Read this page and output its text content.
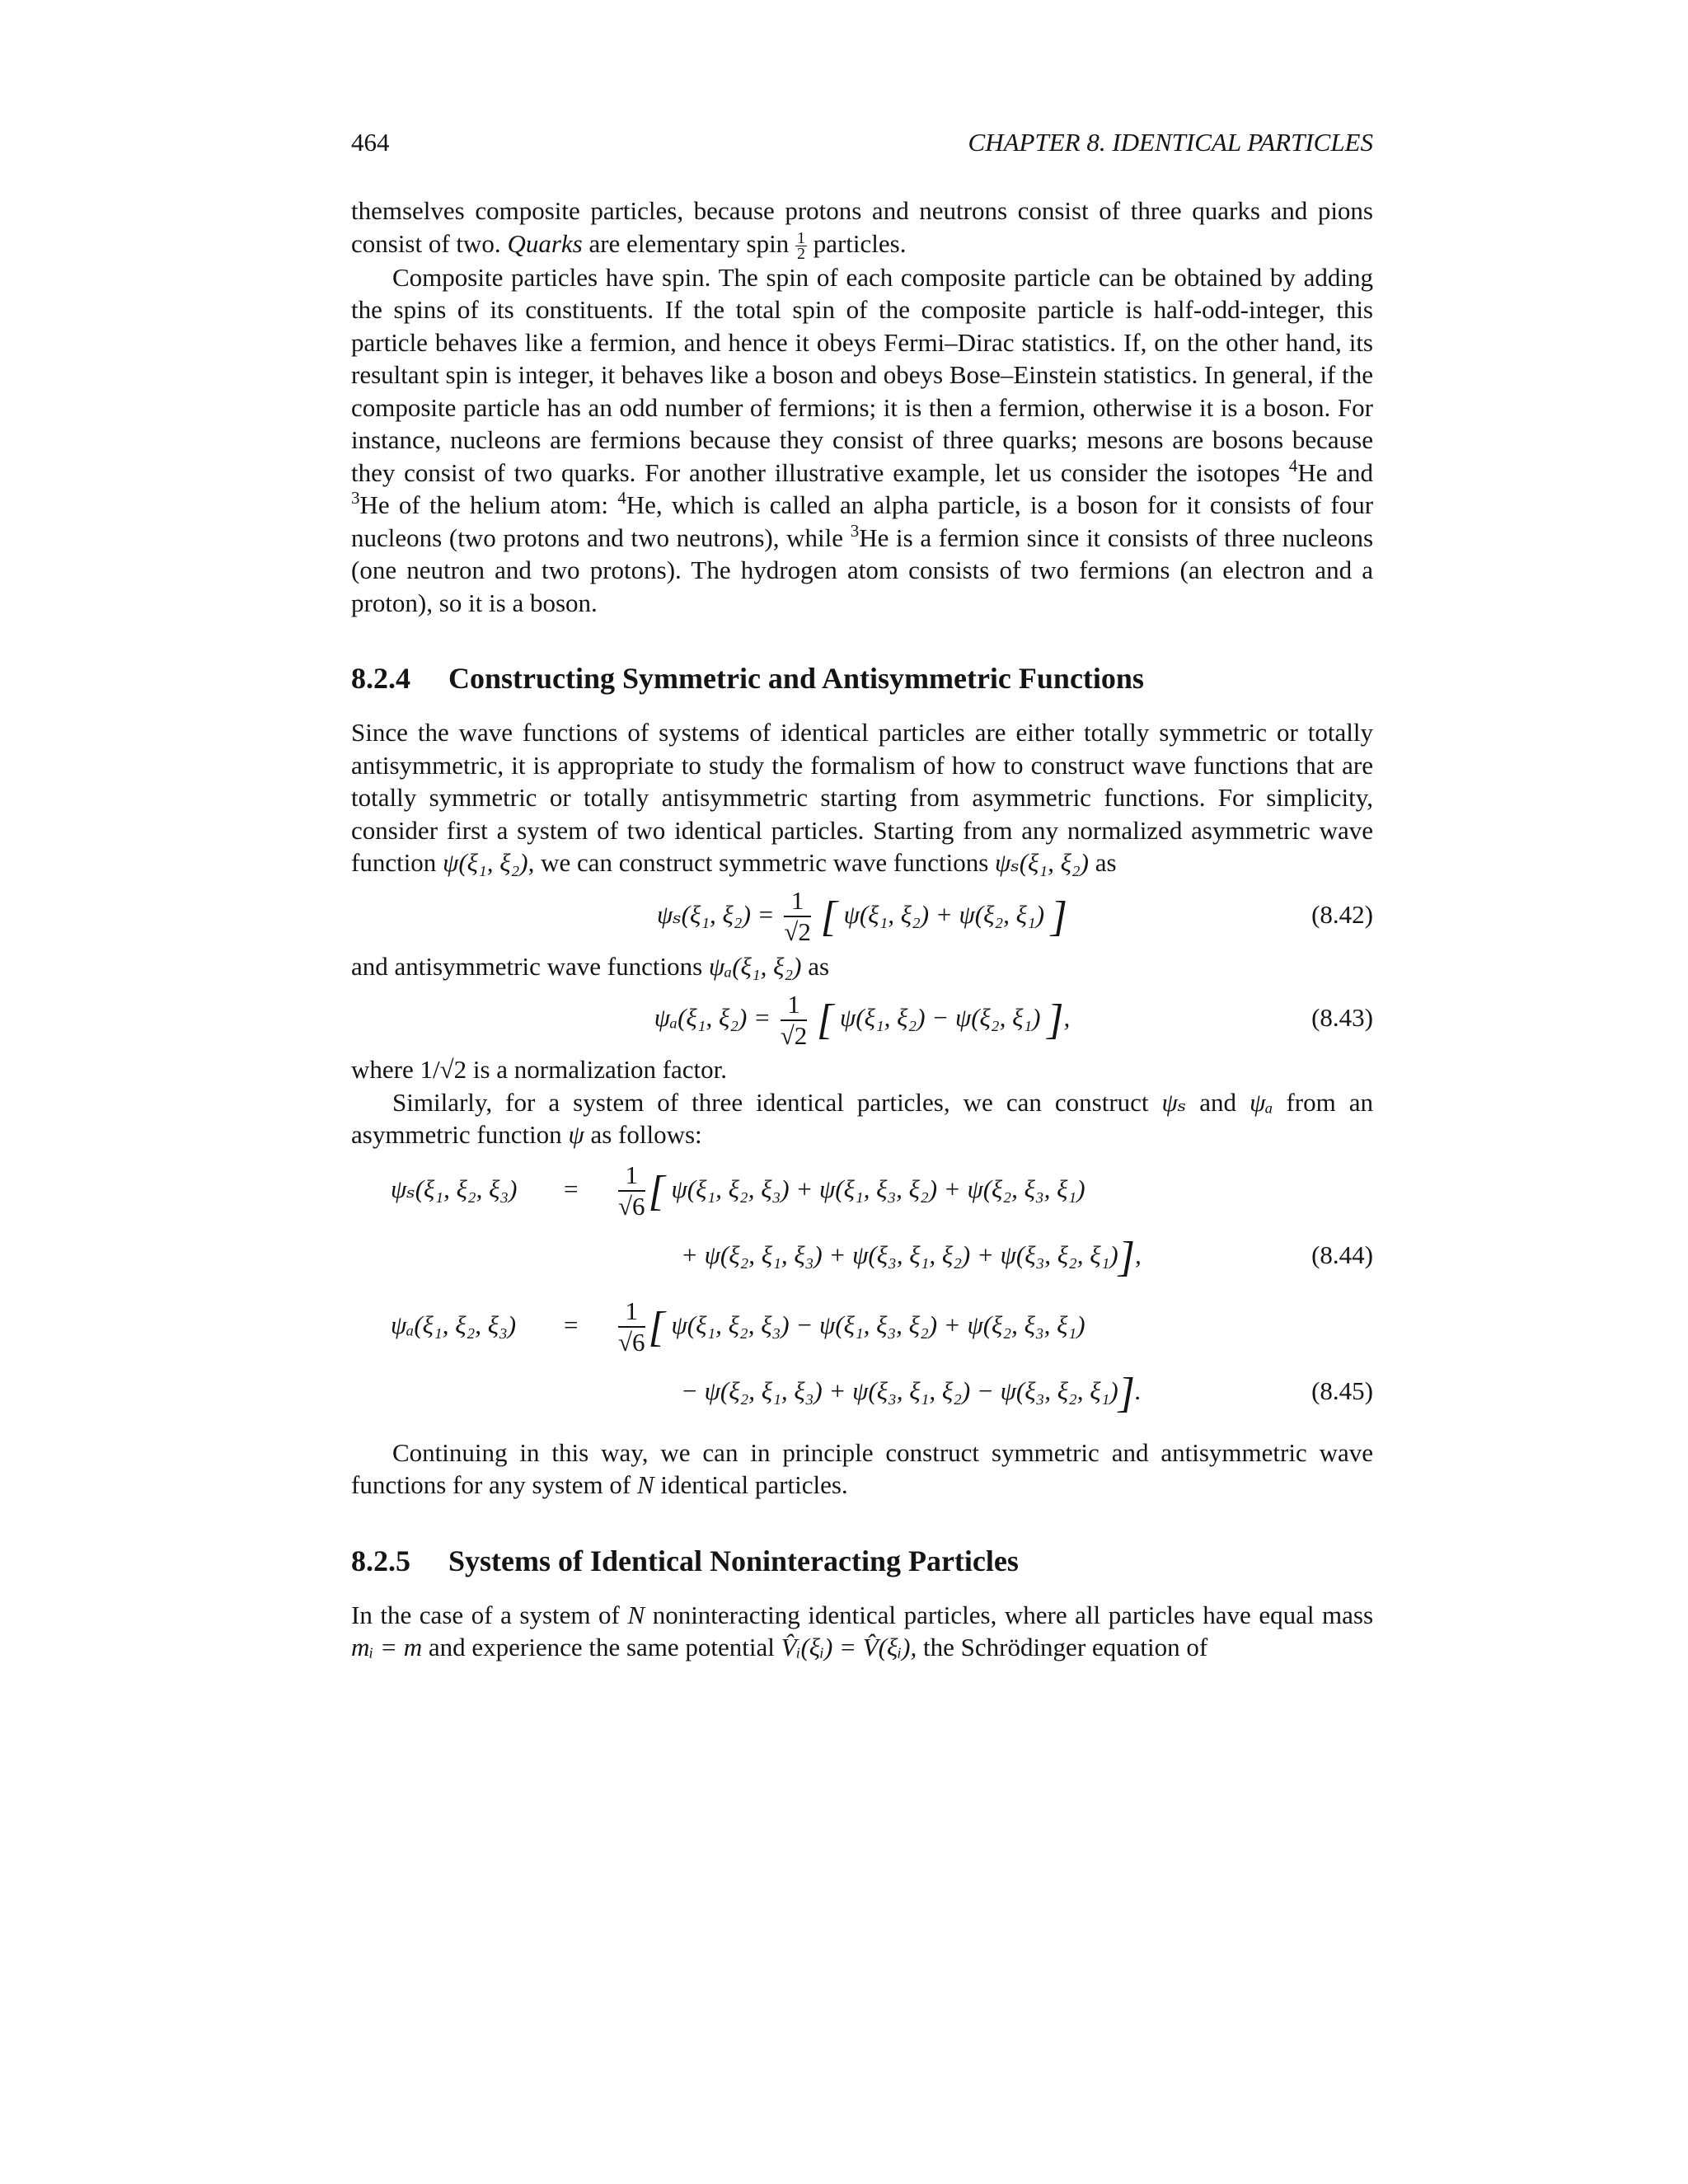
464	CHAPTER 8. IDENTICAL PARTICLES

themselves composite particles, because protons and neutrons consist of three quarks and pions consist of two. Quarks are elementary spin $\frac{1}{2}$ particles.

Composite particles have spin. The spin of each composite particle can be obtained by adding the spins of its constituents. If the total spin of the composite particle is half-odd-integer, this particle behaves like a fermion, and hence it obeys Fermi–Dirac statistics. If, on the other hand, its resultant spin is integer, it behaves like a boson and obeys Bose–Einstein statistics. In general, if the composite particle has an odd number of fermions; it is then a fermion, otherwise it is a boson. For instance, nucleons are fermions because they consist of three quarks; mesons are bosons because they consist of two quarks. For another illustrative example, let us consider the isotopes $^4$He and $^3$He of the helium atom: $^4$He, which is called an alpha particle, is a boson for it consists of four nucleons (two protons and two neutrons), while $^3$He is a fermion since it consists of three nucleons (one neutron and two protons). The hydrogen atom consists of two fermions (an electron and a proton), so it is a boson.

8.2.4 Constructing Symmetric and Antisymmetric Functions

Since the wave functions of systems of identical particles are either totally symmetric or totally antisymmetric, it is appropriate to study the formalism of how to construct wave functions that are totally symmetric or totally antisymmetric starting from asymmetric functions. For simplicity, consider first a system of two identical particles. Starting from any normalized asymmetric wave function ψ(ξ₁, ξ₂), we can construct symmetric wave functions ψₛ(ξ₁, ξ₂) as

ψₛ(ξ₁, $\xi_2) = \frac{1}{√2}$ [ ψ(ξ₁, ξ₂) + ψ(ξ₂, ξ₁) ]	(8.42)

and antisymmetric wave functions ψₐ(ξ₁, ξ₂) as

ψₐ(ξ₁, $\xi_2) = \frac{1}{√2}$ [ ψ(ξ₁, ξ₂) − ψ(ξ₂, ξ₁) ],	(8.43)

where 1/√2 is a normalization factor.

Similarly, for a system of three identical particles, we can construct ψₛ and ψₐ from an asymmetric function ψ as follows:

ψₛ(ξ₁, ξ₂, $\xi_3) = \frac{1}{√6}$ [ ψ(ξ₁, ξ₂, ξ₃) + ψ(ξ₁, ξ₃, ξ₂) + ψ(ξ₂, ξ₃, ξ₁)
+ ψ(ξ₂, ξ₁, ξ₃) + ψ(ξ₃, ξ₁, ξ₂) + ψ(ξ₃, ξ₂, ξ₁)],	(8.44)
ψₐ(ξ₁, ξ₂, $\xi_3) = \frac{1}{√6}$ [ ψ(ξ₁, ξ₂, ξ₃) − ψ(ξ₁, ξ₃, ξ₂) + ψ(ξ₂, ξ₃, ξ₁)
− ψ(ξ₂, ξ₁, ξ₃) + ψ(ξ₃, ξ₁, ξ₂) − ψ(ξ₃, ξ₂, ξ₁)].	(8.45)

Continuing in this way, we can in principle construct symmetric and antisymmetric wave functions for any system of N identical particles.

8.2.5 Systems of Identical Noninteracting Particles

In the case of a system of N noninteracting identical particles, where all particles have equal mass mᵢ = m and experience the same potential V̂ᵢ(ξᵢ) = V̂(ξᵢ), the Schrödinger equation of
